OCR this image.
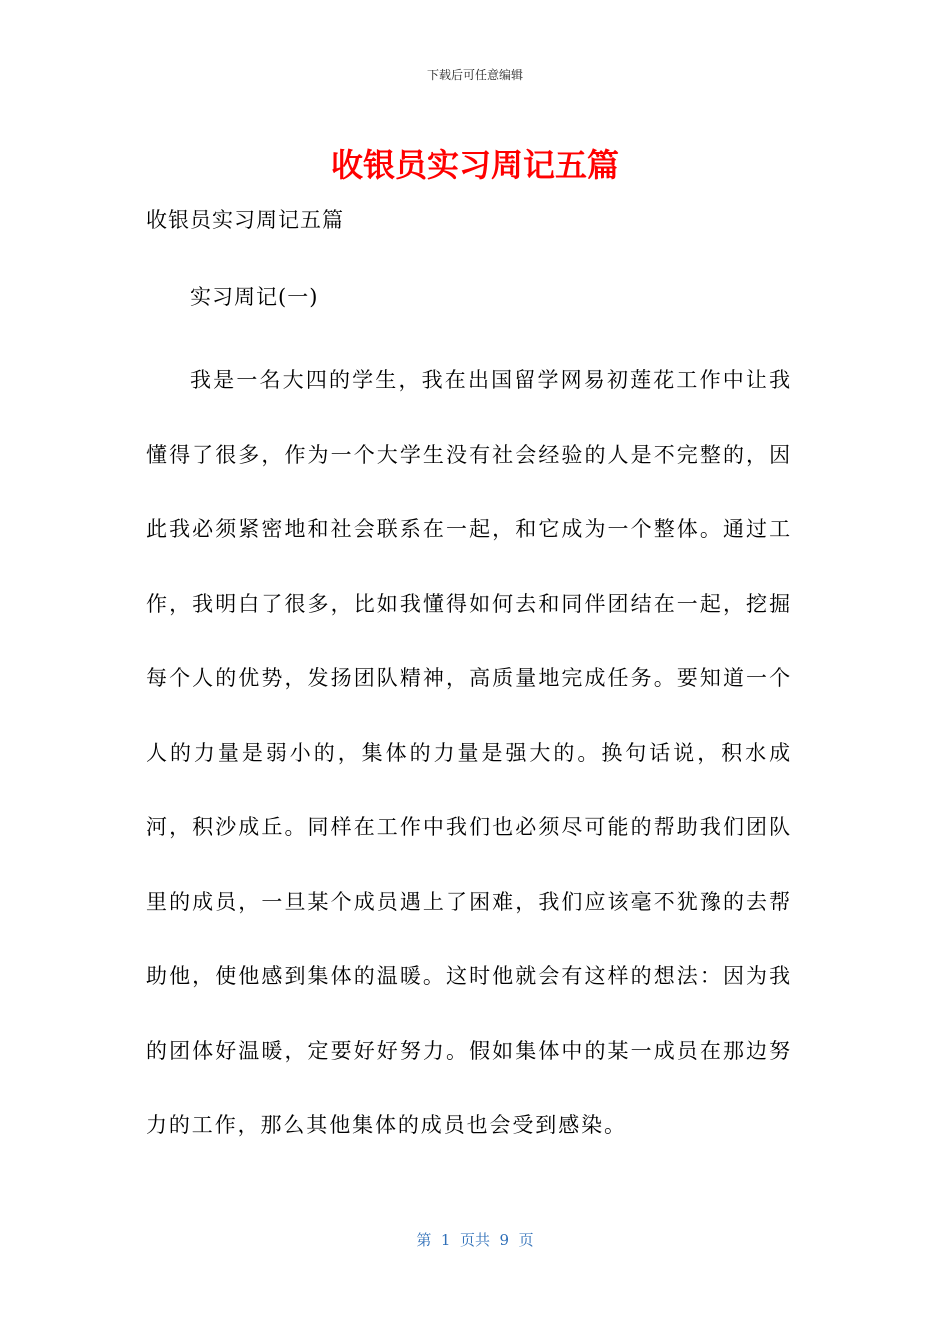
下载后可任意编辑
收银员实习周记五篇
收银员实习周记五篇
实习周记(一)

我是一名大四的学生，我在出国留学网易初莲花工作中让我懂得了很多，作为一个大学生没有社会经验的人是不完整的，因此我必须紧密地和社会联系在一起，和它成为一个整体。通过工作，我明白了很多，比如我懂得如何去和同伴团结在一起，挖掘每个人的优势，发扬团队精神，高质量地完成任务。要知道一个人的力量是弱小的，集体的力量是强大的。换句话说，积水成河，积沙成丘。同样在工作中我们也必须尽可能的帮助我们团队里的成员，一旦某个成员遇上了困难，我们应该毫不犹豫的去帮助他，使他感到集体的温暖。这时他就会有这样的想法：因为我的团体好温暖，定要好好努力。假如集体中的某一成员在那边努力的工作，那么其他集体的成员也会受到感染。

第  1  页共  9  页
